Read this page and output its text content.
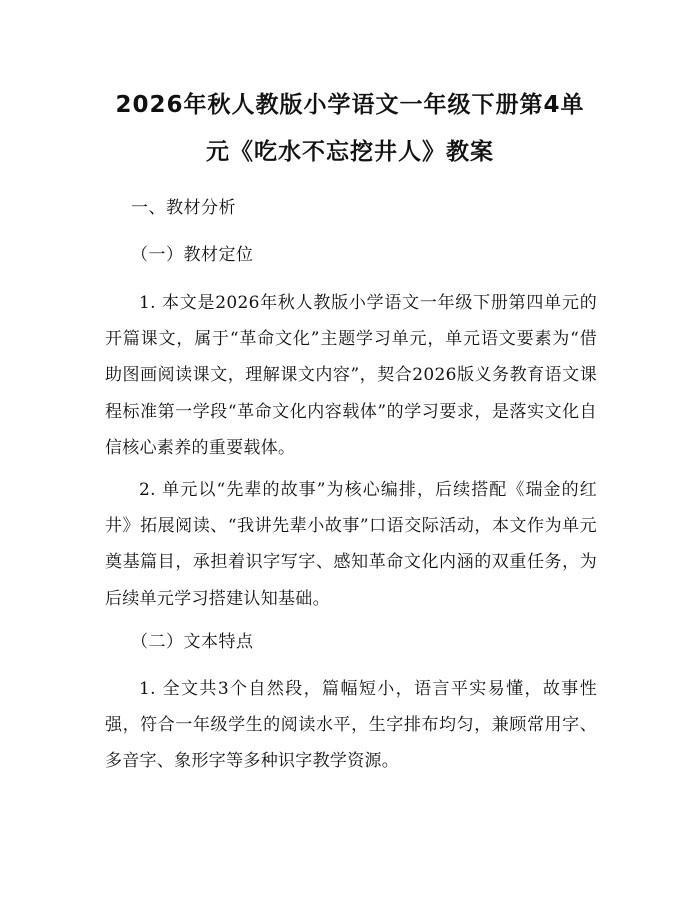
2026年秋人教版小学语文一年级下册第4单
元《吃水不忘挖井人》教案

一、教材分析

（一）教材定位

1. 本文是2026年秋人教版小学语文一年级下册第四单元的开篇课文，属于“革命文化”主题学习单元，单元语文要素为“借助图画阅读课文，理解课文内容”，契合2026版义务教育语文课程标准第一学段“革命文化内容载体”的学习要求，是落实文化自信核心素养的重要载体。

2. 单元以“先辈的故事”为核心编排，后续搭配《瑞金的红井》拓展阅读、“我讲先辈小故事”口语交际活动，本文作为单元奠基篇目，承担着识字写字、感知革命文化内涵的双重任务，为后续单元学习搭建认知基础。

（二）文本特点

1. 全文共3个自然段，篇幅短小，语言平实易懂，故事性强，符合一年级学生的阅读水平，生字排布均匀，兼顾常用字、多音字、象形字等多种识字教学资源。
